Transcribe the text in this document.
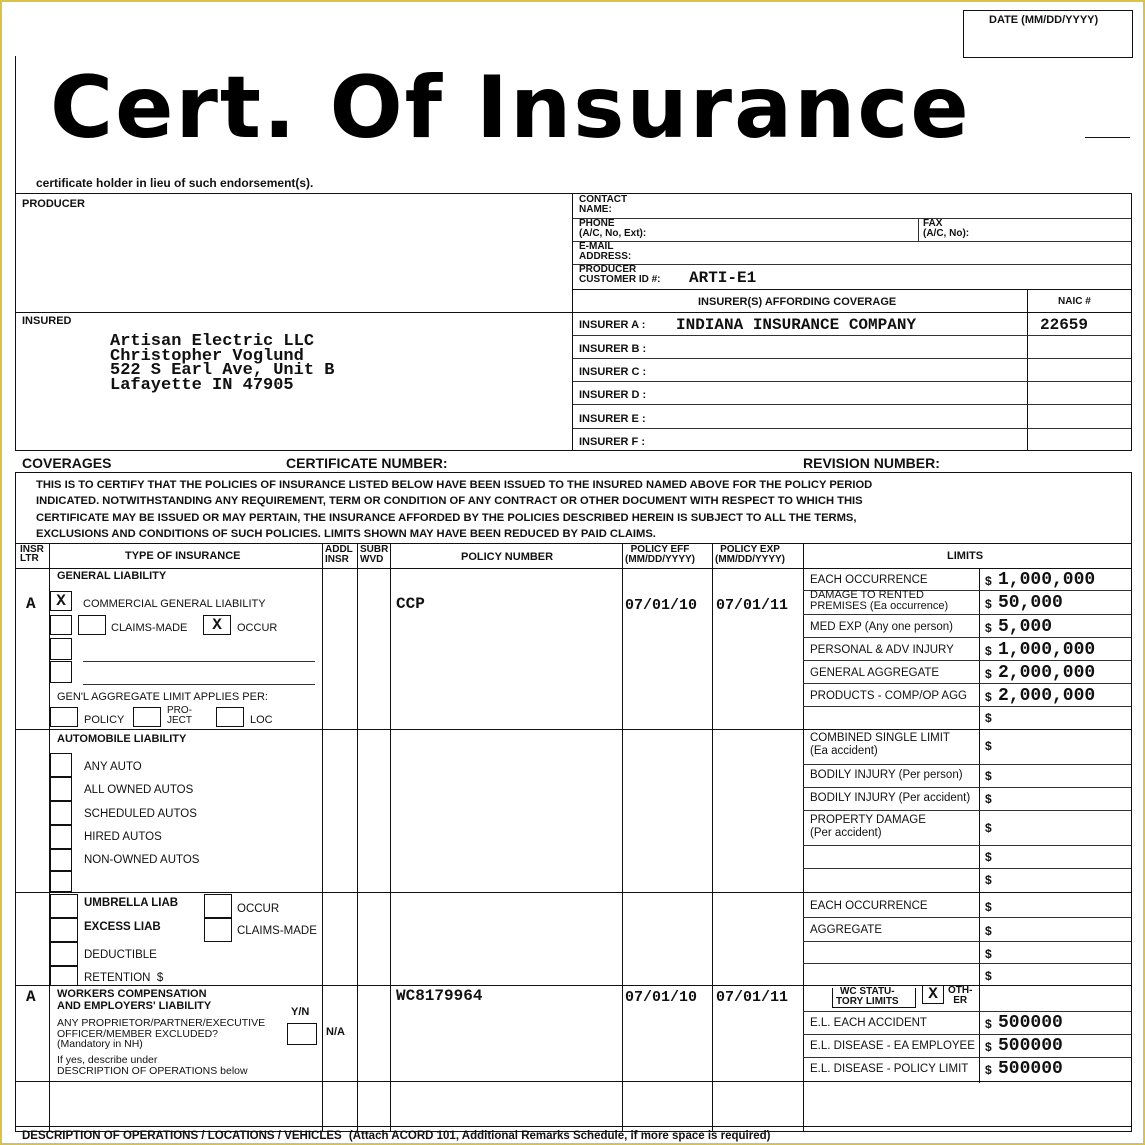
DATE (MM/DD/YYYY)
Cert. Of Insurance
certificate holder in lieu of such endorsement(s).
PRODUCER
INSURED
Artisan Electric LLC
Christopher Voglund
522 S Earl Ave, Unit B
Lafayette IN 47905
CONTACT
NAME:
PHONE
(A/C, No, Ext):
FAX
(A/C, No):
E-MAIL
ADDRESS:
PRODUCER
CUSTOMER ID #: ARTI-E1
INSURER(S) AFFORDING COVERAGE	NAIC #
INSURER A : INDIANA INSURANCE COMPANY	22659
INSURER B :
INSURER C :
INSURER D :
INSURER E :
INSURER F :
COVERAGES	CERTIFICATE NUMBER:	REVISION NUMBER:
THIS IS TO CERTIFY THAT THE POLICIES OF INSURANCE LISTED BELOW HAVE BEEN ISSUED TO THE INSURED NAMED ABOVE FOR THE POLICY PERIOD INDICATED. NOTWITHSTANDING ANY REQUIREMENT, TERM OR CONDITION OF ANY CONTRACT OR OTHER DOCUMENT WITH RESPECT TO WHICH THIS CERTIFICATE MAY BE ISSUED OR MAY PERTAIN, THE INSURANCE AFFORDED BY THE POLICIES DESCRIBED HEREIN IS SUBJECT TO ALL THE TERMS, EXCLUSIONS AND CONDITIONS OF SUCH POLICIES. LIMITS SHOWN MAY HAVE BEEN REDUCED BY PAID CLAIMS.
INSR
LTR	TYPE OF INSURANCE
ADDL
INSR
SUBR
WVD	POLICY NUMBER
POLICY EFF
(MM/DD/YYYY)
POLICY EXP
(MM/DD/YYYY)	LIMITS
GENERAL LIABILITY
A	X	COMMERCIAL GENERAL LIABILITY
CLAIMS-MADE	X	OCCUR
GEN'L AGGREGATE LIMIT APPLIES PER:
POLICY
PRO-
JECT	LOC
CCP	07/01/10 07/01/11
EACH OCCURRENCE	$ 1,000,000
DAMAGE TO RENTED
PREMISES (Ea occurrence)	$ 50,000
MED EXP (Any one person)	$ 5,000
PERSONAL & ADV INJURY	$ 1,000,000
GENERAL AGGREGATE	$ 2,000,000
PRODUCTS - COMP/OP AGG $ 2,000,000
$
AUTOMOBILE LIABILITY
ANY AUTO
ALL OWNED AUTOS
SCHEDULED AUTOS
HIRED AUTOS
NON-OWNED AUTOS
COMBINED SINGLE LIMIT
(Ea accident)	$
BODILY INJURY (Per person) $
BODILY INJURY (Per accident) $
PROPERTY DAMAGE
(Per accident)	$
$
$
UMBRELLA LIAB	OCCUR
EXCESS LIAB	CLAIMS-MADE
DEDUCTIBLE
RETENTION  $
EACH OCCURRENCE	$
AGGREGATE	$
$
$
A WORKERS COMPENSATION
AND EMPLOYERS' LIABILITY	Y/N
ANY PROPRIETOR/PARTNER/EXECUTIVE
OFFICER/MEMBER EXCLUDED?
(Mandatory in NH)
N/A
If yes, describe under
DESCRIPTION OF OPERATIONS below
WC8179964	07/01/10 07/01/11	WC STATU-
TORY LIMITS	X	OTH-
ER
E.L. EACH ACCIDENT	$ 500000
E.L. DISEASE - EA EMPLOYEE $ 500000
E.L. DISEASE - POLICY LIMIT $ 500000
DESCRIPTION OF OPERATIONS / LOCATIONS / VEHICLES (Attach ACORD 101, Additional Remarks Schedule, if more space is required)
